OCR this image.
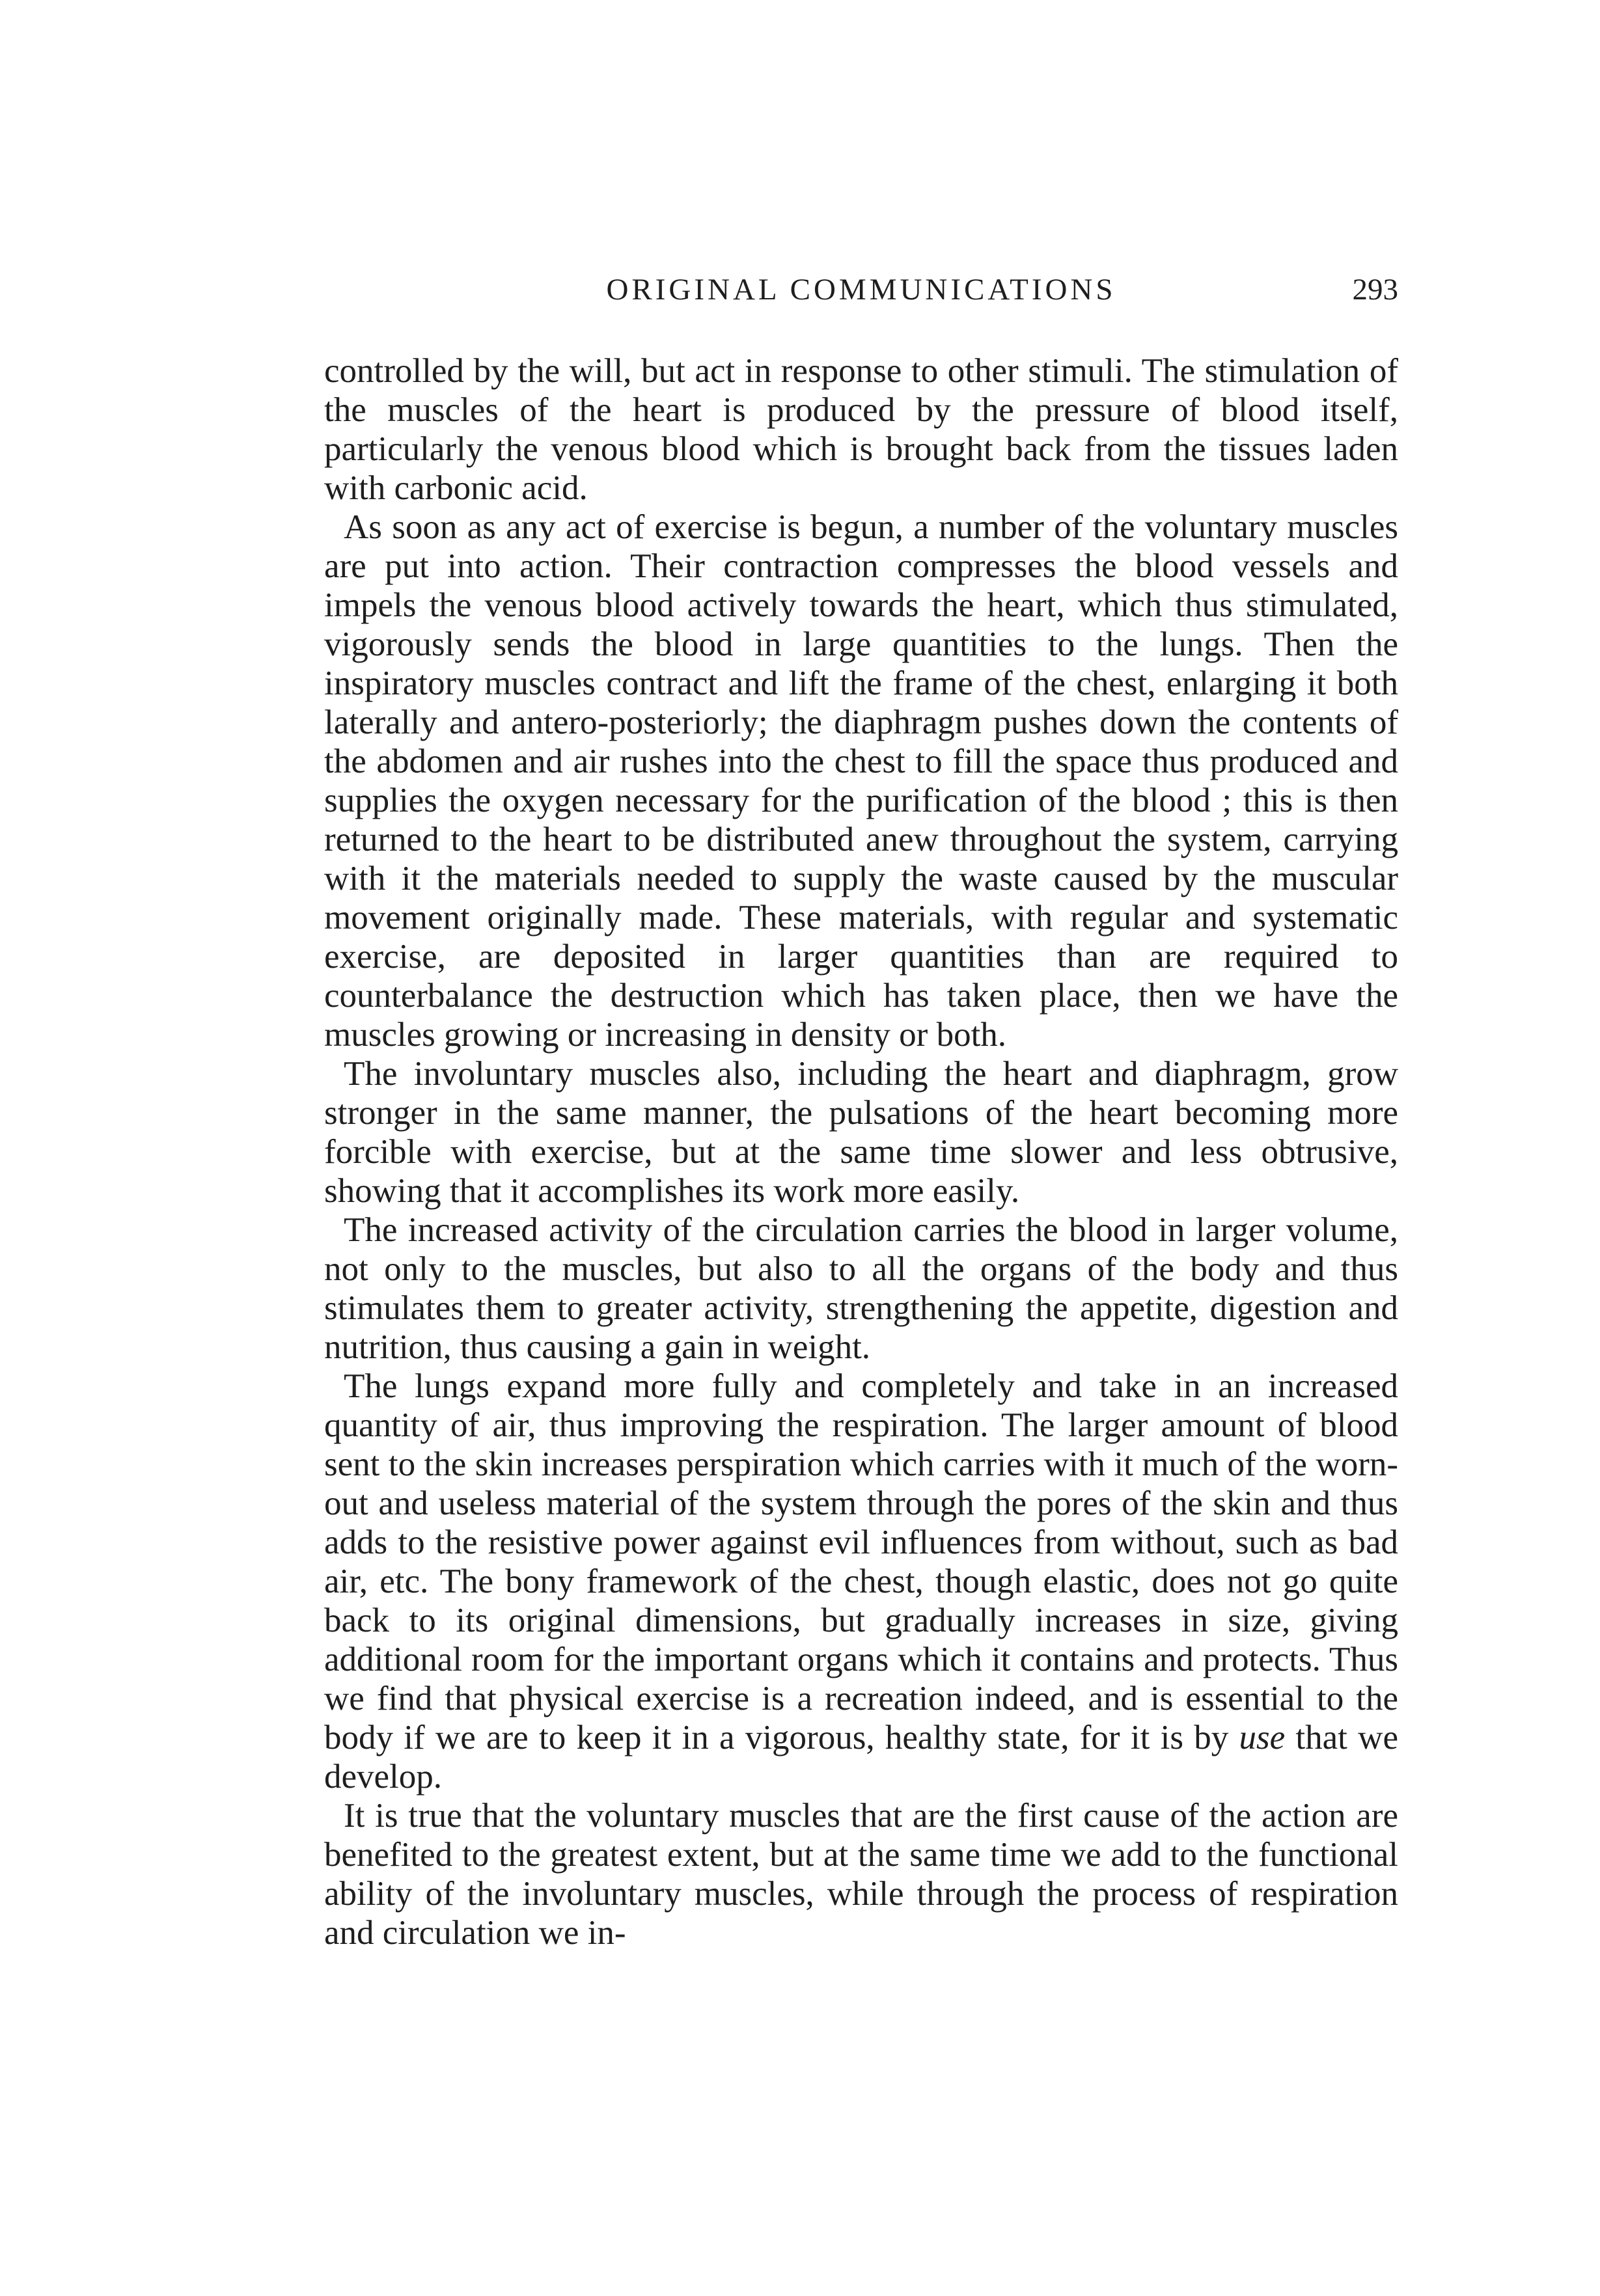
ORIGINAL COMMUNICATIONS	293

controlled by the will, but act in response to other stimuli. The stimulation of the muscles of the heart is produced by the pressure of blood itself, particularly the venous blood which is brought back from the tissues laden with carbonic acid.

As soon as any act of exercise is begun, a number of the voluntary muscles are put into action. Their contraction compresses the blood vessels and impels the venous blood actively towards the heart, which thus stimulated, vigorously sends the blood in large quantities to the lungs. Then the inspiratory muscles contract and lift the frame of the chest, enlarging it both laterally and antero-posteriorly; the diaphragm pushes down the contents of the abdomen and air rushes into the chest to fill the space thus produced and supplies the oxygen necessary for the purification of the blood ; this is then returned to the heart to be distributed anew throughout the system, carrying with it the materials needed to supply the waste caused by the muscular movement originally made. These materials, with regular and systematic exercise, are deposited in larger quantities than are required to counterbalance the destruction which has taken place, then we have the muscles growing or increasing in density or both.

The involuntary muscles also, including the heart and diaphragm, grow stronger in the same manner, the pulsations of the heart becoming more forcible with exercise, but at the same time slower and less obtrusive, showing that it accomplishes its work more easily.

The increased activity of the circulation carries the blood in larger volume, not only to the muscles, but also to all the organs of the body and thus stimulates them to greater activity, strengthening the appetite, digestion and nutrition, thus causing a gain in weight.

The lungs expand more fully and completely and take in an increased quantity of air, thus improving the respiration. The larger amount of blood sent to the skin increases perspiration which carries with it much of the worn-out and useless material of the system through the pores of the skin and thus adds to the resistive power against evil influences from without, such as bad air, etc. The bony framework of the chest, though elastic, does not go quite back to its original dimensions, but gradually increases in size, giving additional room for the important organs which it contains and protects. Thus we find that physical exercise is a recreation indeed, and is essential to the body if we are to keep it in a vigorous, healthy state, for it is by use that we develop.

It is true that the voluntary muscles that are the first cause of the action are benefited to the greatest extent, but at the same time we add to the functional ability of the involuntary muscles, while through the process of respiration and circulation we in-
